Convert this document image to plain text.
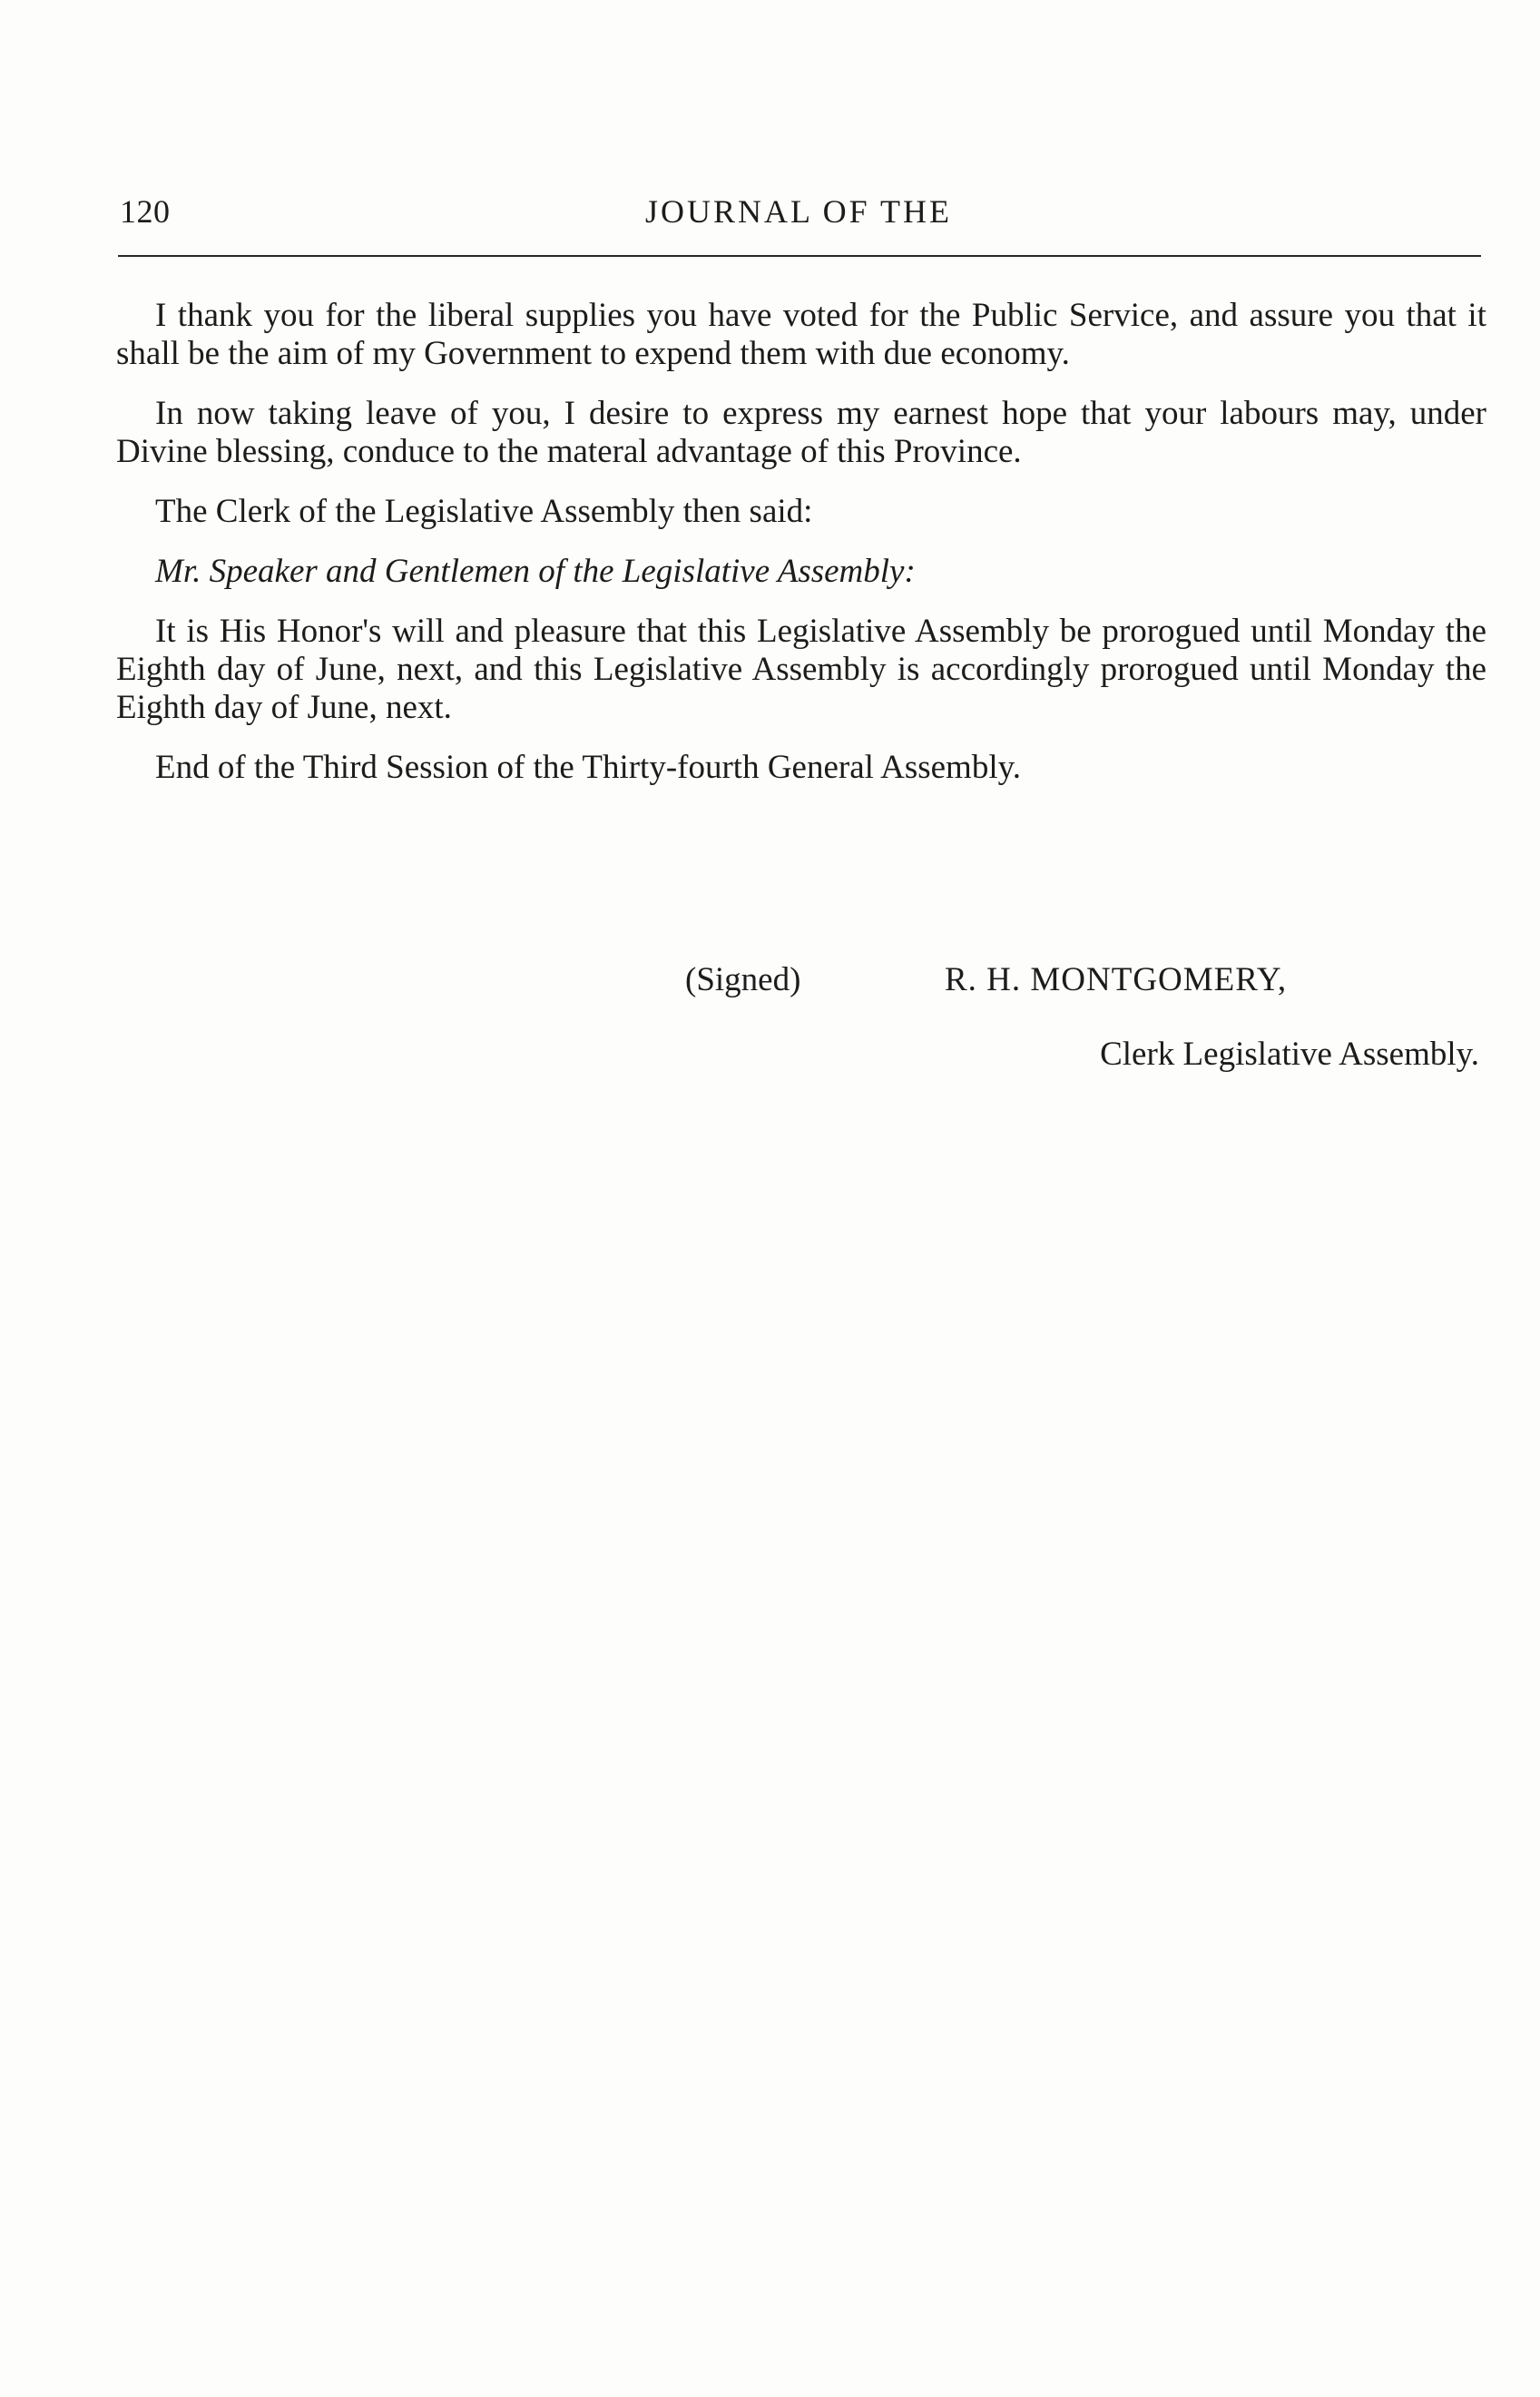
120	JOURNAL OF THE

I thank you for the liberal supplies you have voted for the Public Service, and assure you that it shall be the aim of my Government to expend them with due economy.

In now taking leave of you, I desire to express my earnest hope that your labours may, under Divine blessing, conduce to the materal advantage of this Province.

The Clerk of the Legislative Assembly then said:

Mr. Speaker and Gentlemen of the Legislative Assembly:

It is His Honor's will and pleasure that this Legislative Assembly be prorogued until Monday the Eighth day of June, next, and this Legislative Assembly is accordingly prorogued until Monday the Eighth day of June, next.

End of the Third Session of the Thirty-fourth General Assembly.

(Signed)	R. H. MONTGOMERY,
Clerk Legislative Assembly.
